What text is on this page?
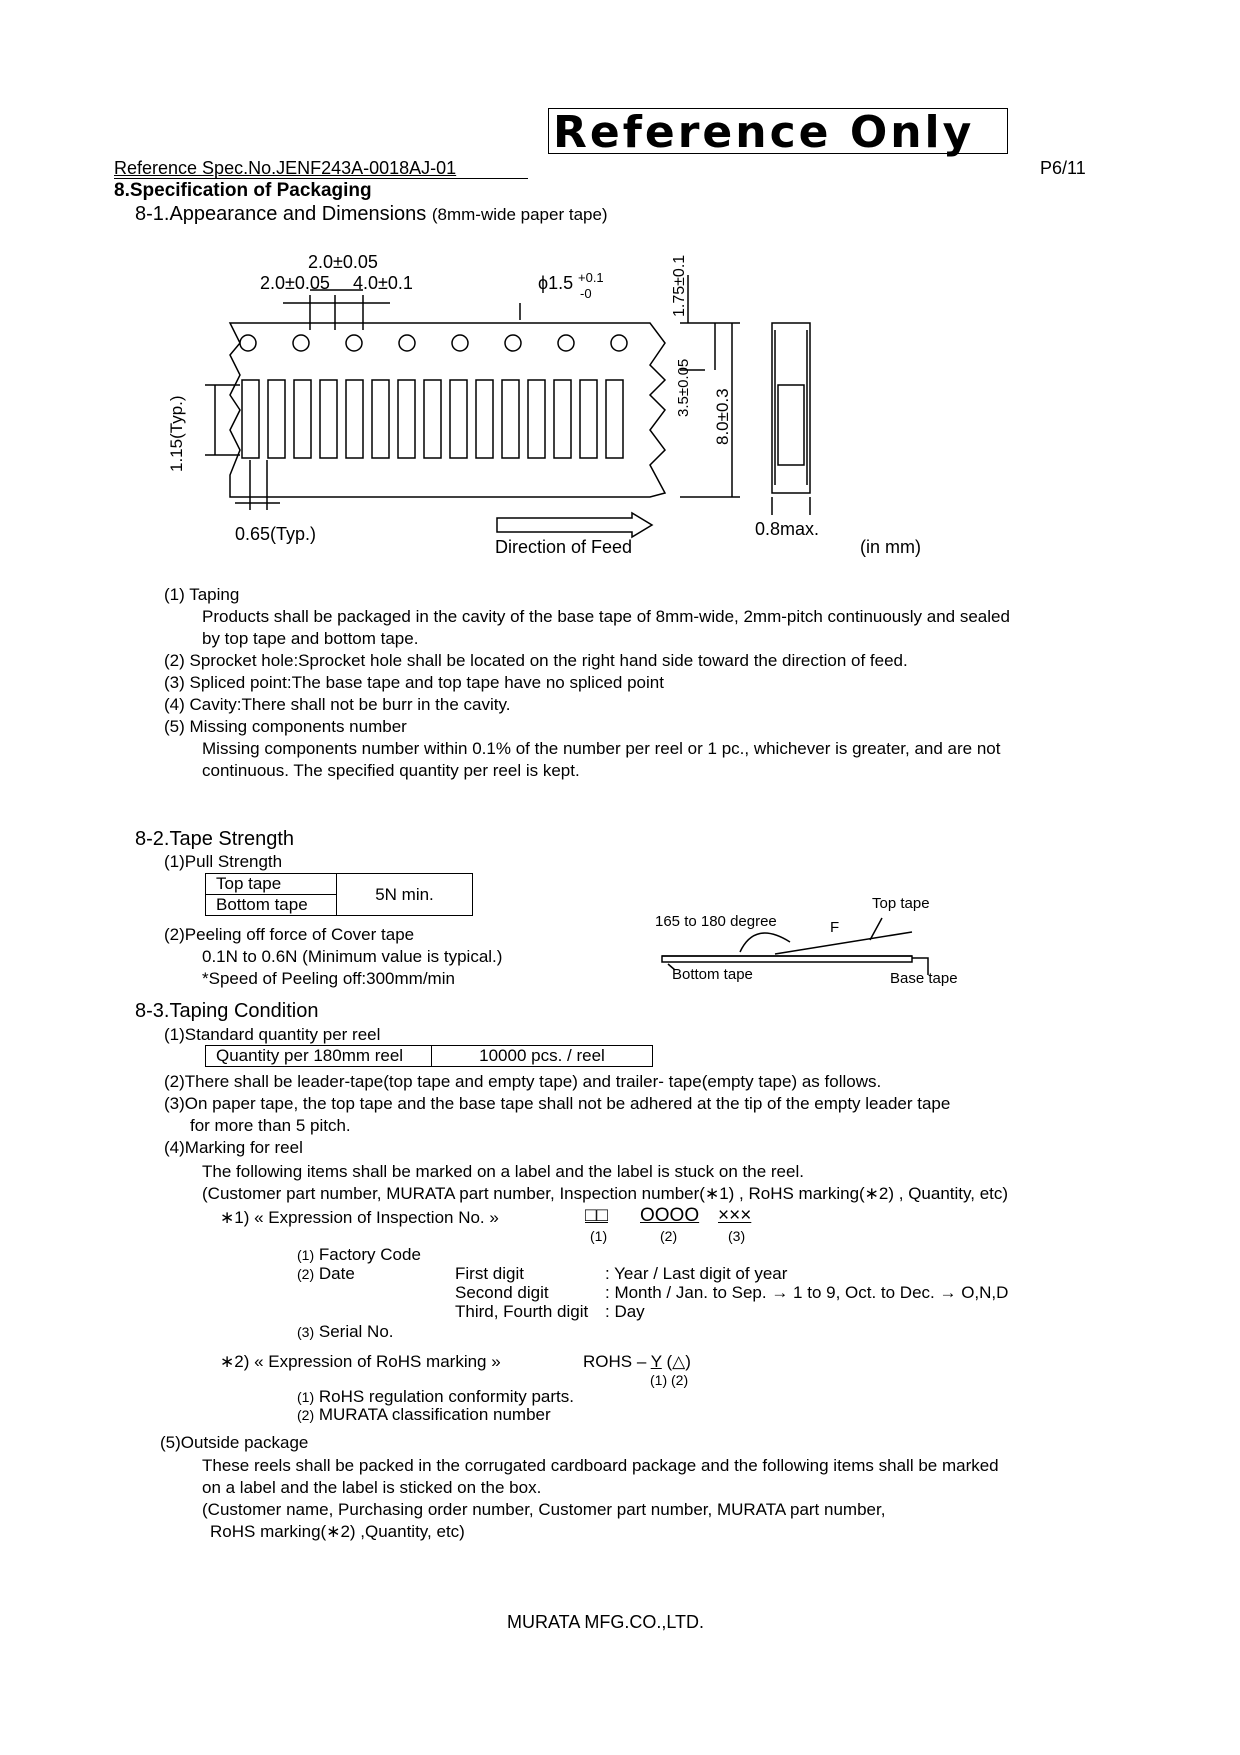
Reference Only
Reference Spec.No.JENF243A-0018AJ-01	P6/11
8.Specification of Packaging
8-1.Appearance and Dimensions (8mm-wide paper tape)
2.0±0.05
2.0±0.05 4.0±0.1	ϕ1.5 +0.1
-0	1.75±0.1
3.5±0.05 8.0±0.3
1.15(Typ.)
0.65(Typ.)
Direction of Feed
0.8max.
(in mm)
(1) Taping
Products shall be packaged in the cavity of the base tape of 8mm-wide, 2mm-pitch continuously and sealed
by top tape and bottom tape.
(2) Sprocket hole:Sprocket hole shall be located on the right hand side toward the direction of feed.
(3) Spliced point:The base tape and top tape have no spliced point
(4) Cavity:There shall not be burr in the cavity.
(5) Missing components number
Missing components number within 0.1% of the number per reel or 1 pc., whichever is greater, and are not
continuous. The specified quantity per reel is kept.
8-2.Tape Strength
(1)Pull Strength
Top tape	5N min.
Bottom tape
(2)Peeling off force of Cover tape
0.1N to 0.6N (Minimum value is typical.)
*Speed of Peeling off:300mm/min
165 to 180 degree	F
Top tape
Bottom tape	Base tape
8-3.Taping Condition
(1)Standard quantity per reel
Quantity per 180mm reel	10000 pcs. / reel
(2)There shall be leader-tape(top tape and empty tape) and trailer- tape(empty tape) as follows.
(3)On paper tape, the top tape and the base tape shall not be adhered at the tip of the empty leader tape
for more than 5 pitch.
(4)Marking for reel
The following items shall be marked on a label and the label is stuck on the reel.
(Customer part number, MURATA part number, Inspection number(∗1) , RoHS marking(∗2) , Quantity, etc)
∗1) « Expression of Inspection No. »	□□ OOOO ×××
(1)	(2)	(3)
(1) Factory Code
(2) Date	First digit	: Year / Last digit of year
Second digit	: Month / Jan. to Sep. → 1 to 9, Oct. to Dec. → O,N,D
Third, Fourth digit : Day
(3) Serial No.
∗2) « Expression of RoHS marking »	ROHS – Y (△)
(1) (2)
(1) RoHS regulation conformity parts.
(2) MURATA classification number
(5)Outside package
These reels shall be packed in the corrugated cardboard package and the following items shall be marked
on a label and the label is sticked on the box.
(Customer name, Purchasing order number, Customer part number, MURATA part number,
RoHS marking(∗2) ,Quantity, etc)
MURATA MFG.CO.,LTD.
